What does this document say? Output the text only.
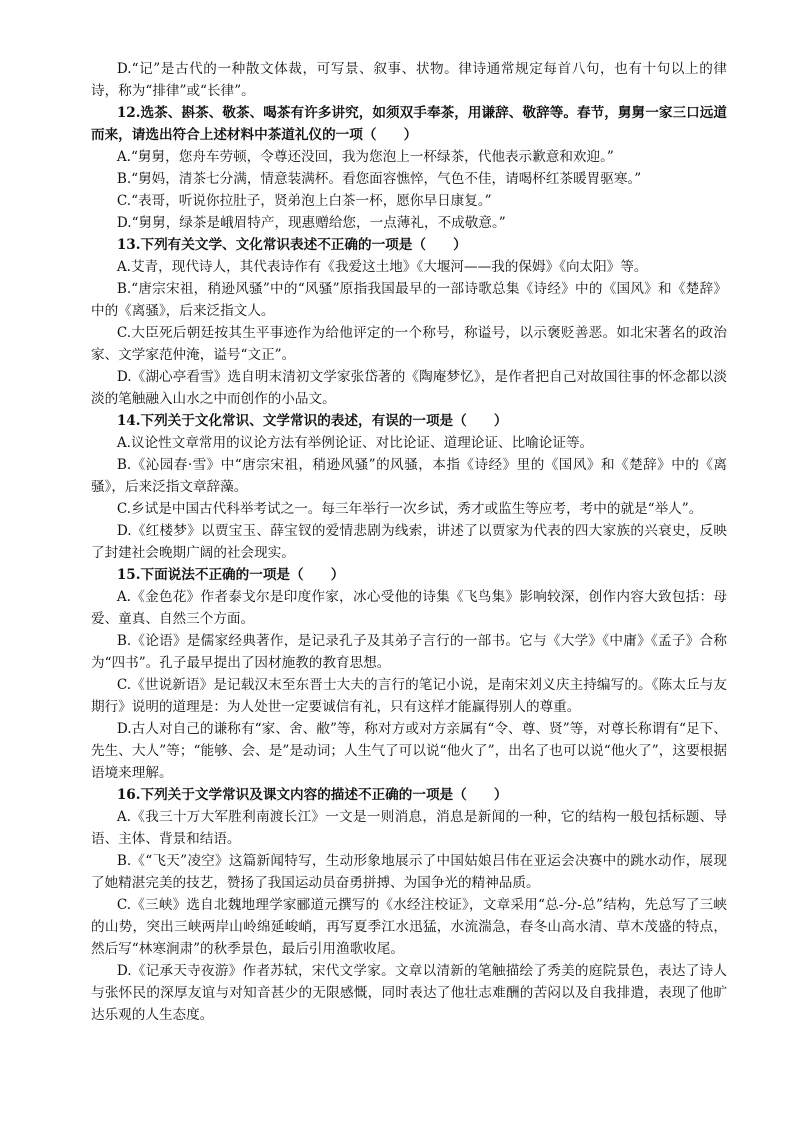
D.“记”是古代的一种散文体裁，可写景、叙事、状物。律诗通常规定每首八句，也有十句以上的律诗，称为“排律”或“长律”。

12.选茶、斟茶、敬茶、喝茶有许多讲究，如须双手奉茶，用谦辞、敬辞等。春节，舅舅一家三口远道而来，请选出符合上述材料中茶道礼仪的一项（　　）

A.“舅舅，您舟车劳顿，令尊还没回，我为您泡上一杯绿茶，代他表示歉意和欢迎。”

B.“舅妈，清茶七分满，情意装满杯。看您面容憔悴，气色不佳，请喝杯红茶暖胃驱寒。”

C.“表哥，听说你拉肚子，贤弟泡上白茶一杯，愿你早日康复。”

D.“舅舅，绿茶是峨眉特产，现惠赠给您，一点薄礼，不成敬意。”

13.下列有关文学、文化常识表述不正确的一项是（　　）

A.艾青，现代诗人，其代表诗作有《我爱这土地》《大堰河——我的保姆》《向太阳》等。

B.“唐宗宋祖，稍逊风骚”中的“风骚”原指我国最早的一部诗歌总集《诗经》中的《国风》和《楚辞》中的《离骚》，后来泛指文人。

C.大臣死后朝廷按其生平事迹作为给他评定的一个称号，称谥号，以示褒贬善恶。如北宋著名的政治家、文学家范仲淹，谥号“文正”。

D.《湖心亭看雪》选自明末清初文学家张岱著的《陶庵梦忆》，是作者把自己对故国往事的怀念都以淡淡的笔触融入山水之中而创作的小品文。

14.下列关于文化常识、文学常识的表述，有误的一项是（　　）

A.议论性文章常用的议论方法有举例论证、对比论证、道理论证、比喻论证等。

B.《沁园春·雪》中“唐宗宋祖，稍逊风骚”的风骚，本指《诗经》里的《国风》和《楚辞》中的《离骚》，后来泛指文章辞藻。

C.乡试是中国古代科举考试之一。每三年举行一次乡试，秀才或监生等应考，考中的就是“举人”。

D.《红楼梦》以贾宝玉、薛宝钗的爱情悲剧为线索，讲述了以贾家为代表的四大家族的兴衰史，反映了封建社会晚期广阔的社会现实。

15.下面说法不正确的一项是（　　）

A.《金色花》作者泰戈尔是印度作家，冰心受他的诗集《飞鸟集》影响较深，创作内容大致包括：母爱、童真、自然三个方面。

B.《论语》是儒家经典著作，是记录孔子及其弟子言行的一部书。它与《大学》《中庸》《孟子》合称为“四书”。孔子最早提出了因材施教的教育思想。

C.《世说新语》是记载汉末至东晋士大夫的言行的笔记小说，是南宋刘义庆主持编写的。《陈太丘与友期行》说明的道理是：为人处世一定要诚信有礼，只有这样才能赢得别人的尊重。

D.古人对自己的谦称有“家、舍、敝”等，称对方或对方亲属有“令、尊、贤”等，对尊长称谓有“足下、先生、大人”等；“能够、会、是”是动词；人生气了可以说“他火了”，出名了也可以说“他火了”，这要根据语境来理解。

16.下列关于文学常识及课文内容的描述不正确的一项是（　　）

A.《我三十万大军胜利南渡长江》一文是一则消息，消息是新闻的一种，它的结构一般包括标题、导语、主体、背景和结语。

B.《“飞天”凌空》这篇新闻特写，生动形象地展示了中国姑娘吕伟在亚运会决赛中的跳水动作，展现了她精湛完美的技艺，赞扬了我国运动员奋勇拼搏、为国争光的精神品质。

C.《三峡》选自北魏地理学家郦道元撰写的《水经注校证》，文章采用“总-分-总”结构，先总写了三峡的山势，突出三峡两岸山岭绵延峻峭，再写夏季江水迅猛，水流湍急，春冬山高水清、草木茂盛的特点，然后写“林寒涧肃”的秋季景色，最后引用渔歌收尾。

D.《记承天寺夜游》作者苏轼，宋代文学家。文章以清新的笔触描绘了秀美的庭院景色，表达了诗人与张怀民的深厚友谊与对知音甚少的无限感慨，同时表达了他壮志难酬的苦闷以及自我排遣，表现了他旷达乐观的人生态度。
